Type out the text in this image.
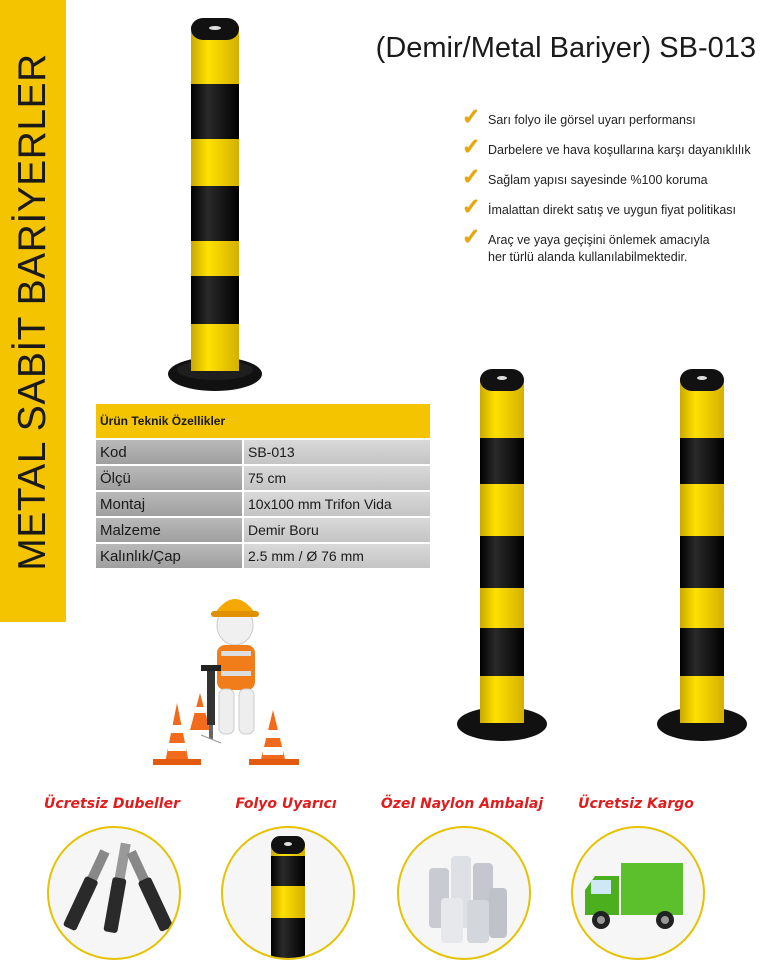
METAL SABİT BARİYERLER
(Demir/Metal Bariyer) SB-013
✓ Sarı folyo ile görsel uyarı performansı
✓ Darbelere ve hava koşullarına karşı dayanıklılık
✓ Sağlam yapısı sayesinde %100 koruma
✓ İmalattan direkt satış ve uygun fiyat politikası
✓ Araç ve yaya geçişini önlemek amacıyla
her türlü alanda kullanılabilmektedir.
Ürün Teknik Özellikler	
Kod	SB-013
Ölçü	75 cm
Montaj	10x100 mm Trifon Vida
Malzeme	Demir Boru
Kalınlık/Çap	2.5 mm / Ø 76 mm
Ücretsiz Dubeller	Folyo Uyarıcı	Özel Naylon Ambalaj	Ücretsiz Kargo
